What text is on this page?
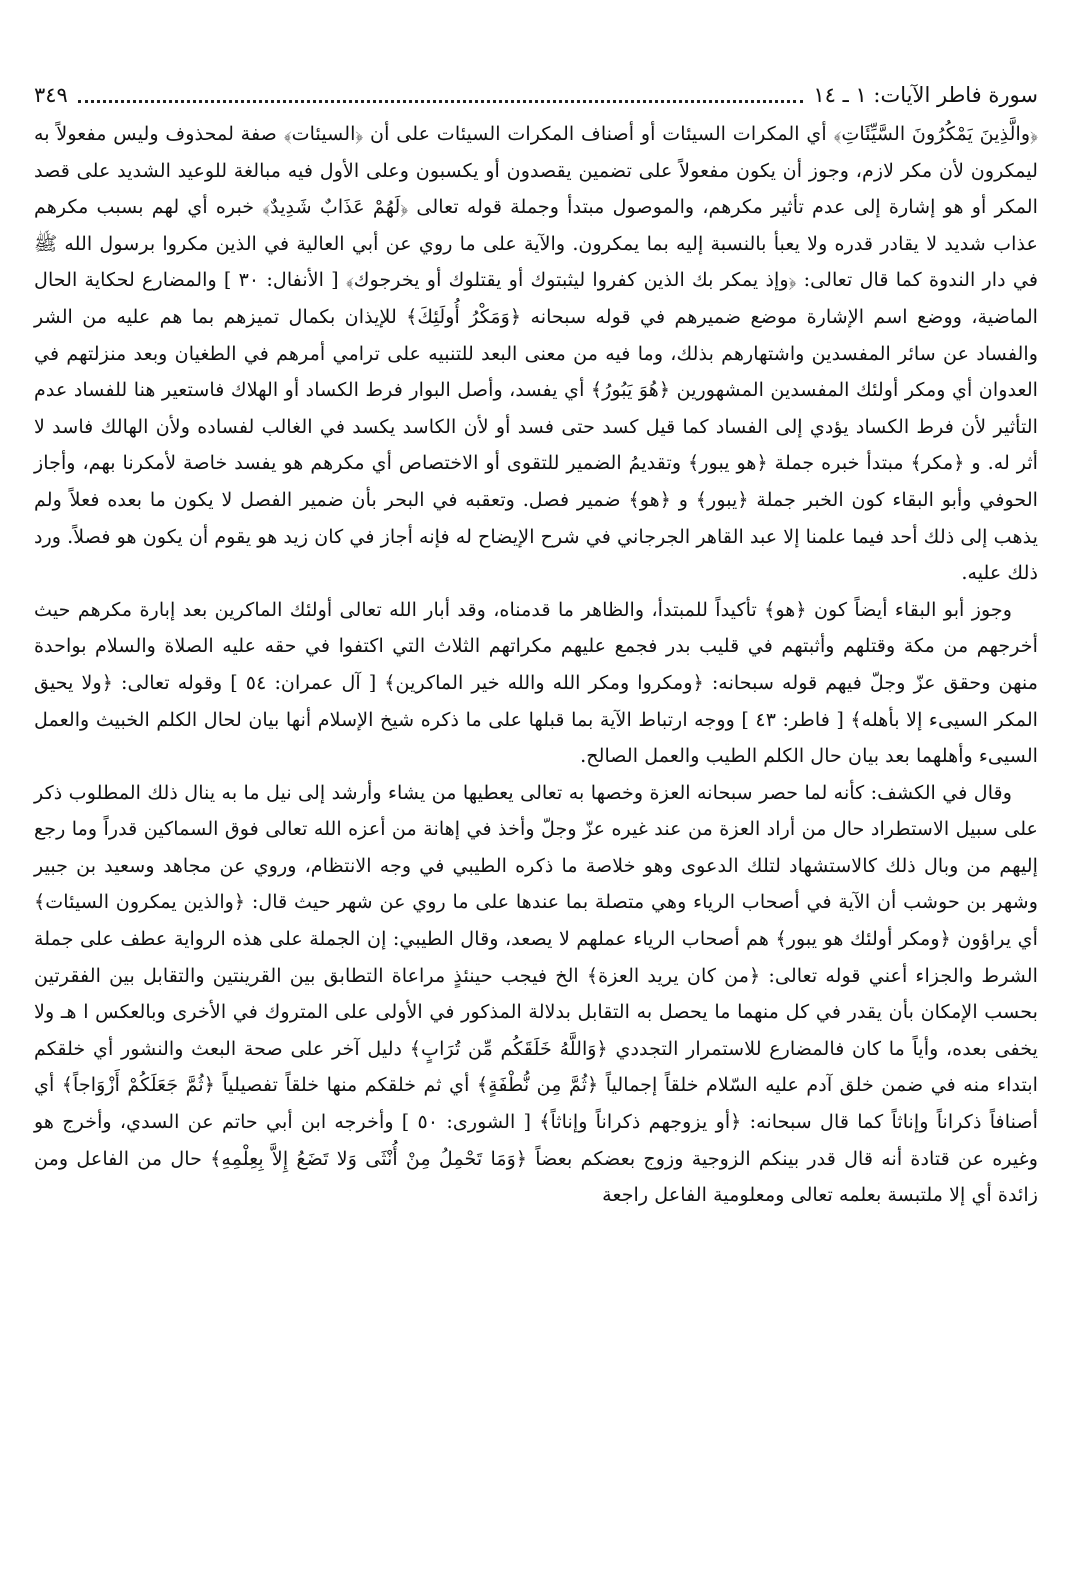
سورة فاطر الآيات: ١ ـ ١٤
٣٤٩

﴿والَّذِينَ يَمْكُرُونَ السَّيِّئَاتِ﴾ أي المكرات السيئات أو أصناف المكرات السيئات على أن ﴿السيئات﴾ صفة لمحذوف وليس مفعولاً به ليمكرون لأن مكر لازم، وجوز أن يكون مفعولاً على تضمين يقصدون أو يكسبون وعلى الأول فيه مبالغة للوعيد الشديد على قصد المكر أو هو إشارة إلى عدم تأثير مكرهم، والموصول مبتدأ وجملة قوله تعالى ﴿لَهُمْ عَذَابٌ شَدِيدٌ﴾ خبره أي لهم بسبب مكرهم عذاب شديد لا يقادر قدره ولا يعبأ بالنسبة إليه بما يمكرون. والآية على ما روي عن أبي العالية في الذين مكروا برسول الله ﷺ في دار الندوة كما قال تعالى: ﴿وإذ يمكر بك الذين كفروا ليثبتوك أو يقتلوك أو يخرجوك﴾ [ الأنفال: ٣٠ ] والمضارع لحكاية الحال الماضية، ووضع اسم الإشارة موضع ضميرهم في قوله سبحانه ﴿وَمَكْرُ أُولَئِكَ﴾ للإيذان بكمال تميزهم بما هم عليه من الشر والفساد عن سائر المفسدين واشتهارهم بذلك، وما فيه من معنى البعد للتنبيه على ترامي أمرهم في الطغيان وبعد منزلتهم في العدوان أي ومكر أولئك المفسدين المشهورين ﴿هُوَ يَبُورُ﴾ أي يفسد، وأصل البوار فرط الكساد أو الهلاك فاستعير هنا للفساد عدم التأثير لأن فرط الكساد يؤدي إلى الفساد كما قيل كسد حتى فسد أو لأن الكاسد يكسد في الغالب لفساده ولأن الهالك فاسد لا أثر له. و ﴿مكر﴾ مبتدأ خبره جملة ﴿هو يبور﴾ وتقديمُ الضمير للتقوى أو الاختصاص أي مكرهم هو يفسد خاصة لأمكرنا بهم، وأجاز الحوفي وأبو البقاء كون الخبر جملة ﴿يبور﴾ و ﴿هو﴾ ضمير فصل. وتعقبه في البحر بأن ضمير الفصل لا يكون ما بعده فعلاً ولم يذهب إلى ذلك أحد فيما علمنا إلا عبد القاهر الجرجاني في شرح الإيضاح له فإنه أجاز في كان زيد هو يقوم أن يكون هو فصلاً. ورد ذلك عليه.

وجوز أبو البقاء أيضاً كون ﴿هو﴾ تأكيداً للمبتدأ، والظاهر ما قدمناه، وقد أبار الله تعالى أولئك الماكرين بعد إبارة مكرهم حيث أخرجهم من مكة وقتلهم وأثبتهم في قليب بدر فجمع عليهم مكراتهم الثلاث التي اكتفوا في حقه عليه الصلاة والسلام بواحدة منهن وحقق عزّ وجلّ فيهم قوله سبحانه: ﴿ومكروا ومكر الله والله خير الماكرين﴾ [ آل عمران: ٥٤ ] وقوله تعالى: ﴿ولا يحيق المكر السيىء إلا بأهله﴾ [ فاطر: ٤٣ ] ووجه ارتباط الآية بما قبلها على ما ذكره شيخ الإسلام أنها بيان لحال الكلم الخبيث والعمل السيىء وأهلهما بعد بيان حال الكلم الطيب والعمل الصالح.

وقال في الكشف: كأنه لما حصر سبحانه العزة وخصها به تعالى يعطيها من يشاء وأرشد إلى نيل ما به ينال ذلك المطلوب ذكر على سبيل الاستطراد حال من أراد العزة من عند غيره عزّ وجلّ وأخذ في إهانة من أعزه الله تعالى فوق السماكين قدراً وما رجع إليهم من وبال ذلك كالاستشهاد لتلك الدعوى وهو خلاصة ما ذكره الطيبي في وجه الانتظام، وروي عن مجاهد وسعيد بن جبير وشهر بن حوشب أن الآية في أصحاب الرياء وهي متصلة بما عندها على ما روي عن شهر حيث قال: ﴿والذين يمكرون السيئات﴾ أي يراؤون ﴿ومكر أولئك هو يبور﴾ هم أصحاب الرياء عملهم لا يصعد، وقال الطيبي: إن الجملة على هذه الرواية عطف على جملة الشرط والجزاء أعني قوله تعالى: ﴿من كان يريد العزة﴾ الخ فيجب حينئذٍ مراعاة التطابق بين القرينتين والتقابل بين الفقرتين بحسب الإمكان بأن يقدر في كل منهما ما يحصل به التقابل بدلالة المذكور في الأولى على المتروك في الأخرى وبالعكس ا هـ ولا يخفى بعده، وأياً ما كان فالمضارع للاستمرار التجددي ﴿وَاللَّهُ خَلَقَكُم مِّن تُرَابٍ﴾ دليل آخر على صحة البعث والنشور أي خلقكم ابتداء منه في ضمن خلق آدم عليه السّلام خلقاً إجمالياً ﴿ثُمَّ مِن نُّطْفَةٍ﴾ أي ثم خلقكم منها خلقاً تفصيلياً ﴿ثُمَّ جَعَلَكُمْ أَزْوَاجاً﴾ أي أصنافاً ذكراناً وإناثاً كما قال سبحانه: ﴿أو يزوجهم ذكراناً وإناثاً﴾ [ الشورى: ٥٠ ] وأخرجه ابن أبي حاتم عن السدي، وأخرج هو وغيره عن قتادة أنه قال قدر بينكم الزوجية وزوج بعضكم بعضاً ﴿وَمَا تَحْمِلُ مِنْ أُنْثَى وَلا تَضَعُ إِلاَّ بِعِلْمِهِ﴾ حال من الفاعل ومن زائدة أي إلا ملتبسة بعلمه تعالى ومعلومية الفاعل راجعة
